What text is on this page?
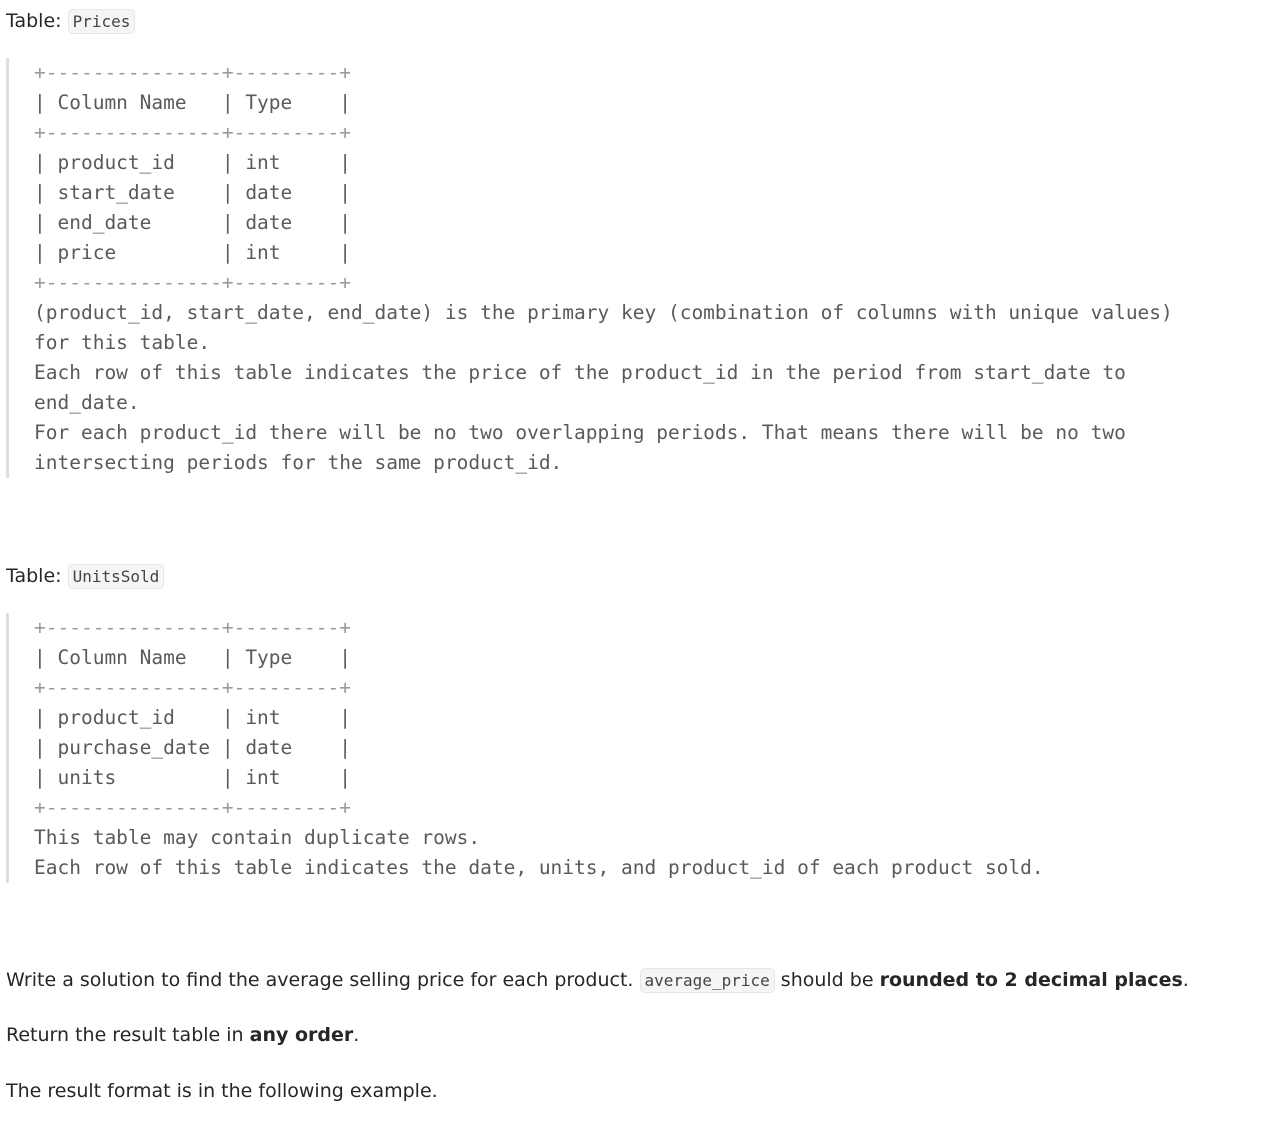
Table: Prices

+---------------+---------+
| Column Name   | Type    |
+---------------+---------+
| product_id    | int     |
| start_date    | date    |
| end_date      | date    |
| price         | int     |
+---------------+---------+
(product_id, start_date, end_date) is the primary key (combination of columns with unique values)
for this table.
Each row of this table indicates the price of the product_id in the period from start_date to
end_date.
For each product_id there will be no two overlapping periods. That means there will be no two
intersecting periods for the same product_id.

Table: UnitsSold

+---------------+---------+
| Column Name   | Type    |
+---------------+---------+
| product_id    | int     |
| purchase_date | date    |
| units         | int     |
+---------------+---------+
This table may contain duplicate rows.
Each row of this table indicates the date, units, and product_id of each product sold.

Write a solution to find the average selling price for each product. average_price should be rounded to 2 decimal places.

Return the result table in any order.

The result format is in the following example.
